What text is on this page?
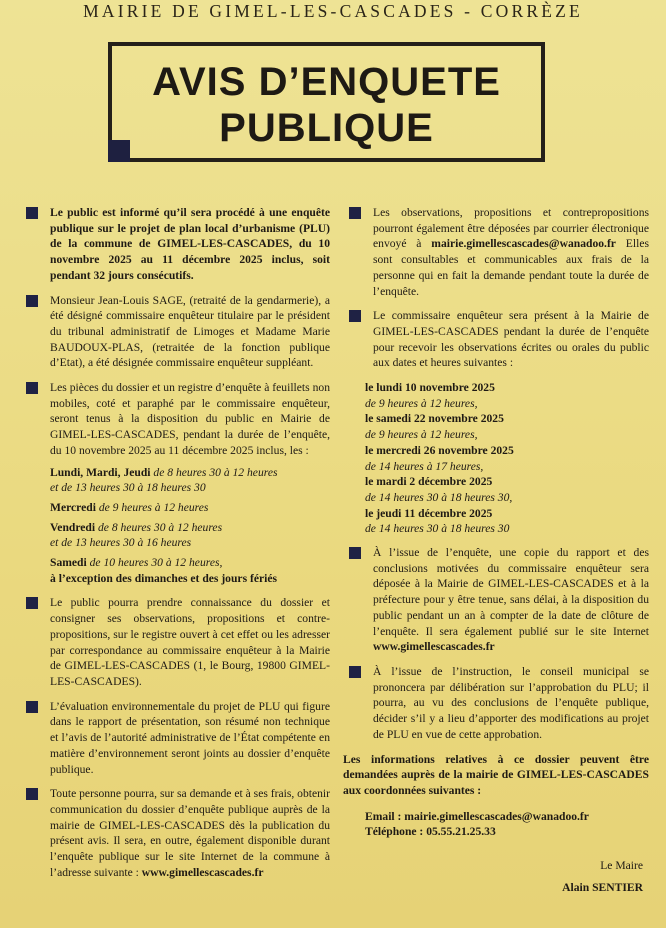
MAIRIE DE GIMEL-LES-CASCADES - CORRÈZE
AVIS D’ENQUETE
PUBLIQUE
Le public est informé qu’il sera procédé à une enquête publique sur le projet de plan local d’urbanisme (PLU) de la commune de GIMEL-LES-CASCADES, du 10 novembre 2025 au 11 décembre 2025 inclus, soit pendant 32 jours consécutifs.
Monsieur Jean-Louis SAGE, (retraité de la gendarmerie), a été désigné commissaire enquêteur titulaire par le président du tribunal administratif de Limoges et Madame Marie BAUDOUX-PLAS, (retraitée de la fonction publique d’Etat), a été désignée commissaire enquêteur suppléant.
Les pièces du dossier et un registre d’enquête à feuillets non mobiles, coté et paraphé par le commissaire enquêteur, seront tenus à la disposition du public en Mairie de GIMEL-LES-CASCADES, pendant la durée de l’enquête, du 10 novembre 2025 au 11 décembre 2025 inclus, les :
Lundi, Mardi, Jeudi de 8 heures 30 à 12 heures
et de 13 heures 30 à 18 heures 30
Mercredi de 9 heures à 12 heures
Vendredi de 8 heures 30 à 12 heures
et de 13 heures 30 à 16 heures
Samedi de 10 heures 30 à 12 heures,
à l’exception des dimanches et des jours fériés
Le public pourra prendre connaissance du dossier et consigner ses observations, propositions et contre-propositions, sur le registre ouvert à cet effet ou les adresser par correspondance au commissaire enquêteur à la Mairie de GIMEL-LES-CASCADES (1, le Bourg, 19800 GIMEL-LES-CASCADES).
L’évaluation environnementale du projet de PLU qui figure dans le rapport de présentation, son résumé non technique et l’avis de l’autorité administrative de l’État compétente en matière d’environnement seront joints au dossier d’enquête publique.
Toute personne pourra, sur sa demande et à ses frais, obtenir communication du dossier d’enquête publique auprès de la mairie de GIMEL-LES-CASCADES dès la publication du présent avis. Il sera, en outre, également disponible durant l’enquête publique sur le site Internet de la commune à l’adresse suivante : www.gimellescascades.fr
Les observations, propositions et contrepropositions pourront également être déposées par courrier électronique envoyé à mairie.gimellescascades@wanadoo.fr Elles sont consultables et communicables aux frais de la personne qui en fait la demande pendant toute la durée de l’enquête.
Le commissaire enquêteur sera présent à la Mairie de GIMEL-LES-CASCADES pendant la durée de l’enquête pour recevoir les observations écrites ou orales du public aux dates et heures suivantes :
le lundi 10 novembre 2025
de 9 heures à 12 heures,
le samedi 22 novembre 2025
de 9 heures à 12 heures,
le mercredi 26 novembre 2025
de 14 heures à 17 heures,
le mardi 2 décembre 2025
de 14 heures 30 à 18 heures 30,
le jeudi 11 décembre 2025
de 14 heures 30 à 18 heures 30
À l’issue de l’enquête, une copie du rapport et des conclusions motivées du commissaire enquêteur sera déposée à la Mairie de GIMEL-LES-CASCADES et à la préfecture pour y être tenue, sans délai, à la disposition du public pendant un an à compter de la date de clôture de l’enquête. Il sera également publié sur le site Internet www.gimellescascades.fr
À l’issue de l’instruction, le conseil municipal se prononcera par délibération sur l’approbation du PLU; il pourra, au vu des conclusions de l’enquête publique, décider s’il y a lieu d’apporter des modifications au projet de PLU en vue de cette approbation.
Les informations relatives à ce dossier peuvent être demandées auprès de la mairie de GIMEL-LES-CASCADES aux coordonnées suivantes :
Email : mairie.gimellescascades@wanadoo.fr
Téléphone : 05.55.21.25.33
Le Maire
Alain SENTIER
